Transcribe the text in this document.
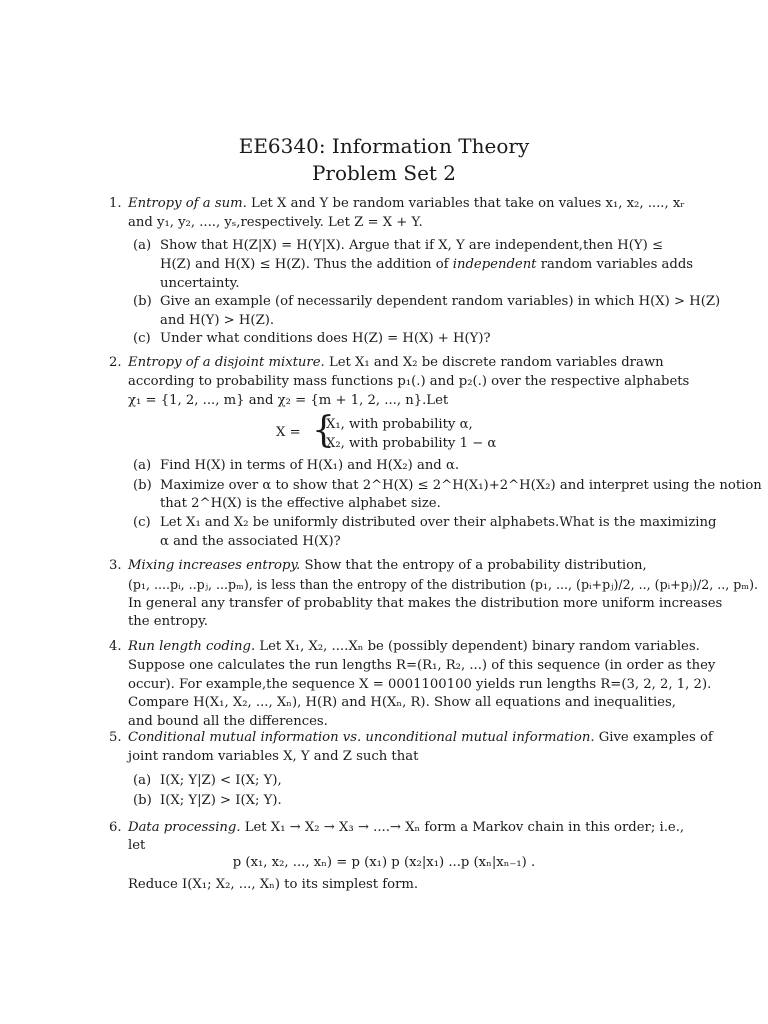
EE6340: Information Theory
Problem Set 2
1. Entropy of a sum. Let X and Y be random variables that take on values x₁, x₂, ...., xᵣ
and y₁, y₂, ...., yₛ,respectively. Let Z = X + Y.
(a) Show that H(Z|X) = H(Y|X). Argue that if X, Y are independent,then H(Y) ≤
H(Z) and H(X) ≤ H(Z). Thus the addition of independent random variables adds
uncertainty.
(b) Give an example (of necessarily dependent random variables) in which H(X) > H(Z)
and H(Y) > H(Z).
(c) Under what conditions does H(Z) = H(X) + H(Y)?
2. Entropy of a disjoint mixture. Let X₁ and X₂ be discrete random variables drawn
according to probability mass functions p₁(.) and p₂(.) over the respective alphabets
χ₁ = {1, 2, ..., m} and χ₂ = {m + 1, 2, ..., n}.Let
X = {
X₁, with probability α,
X₂, with probability 1 − α
(a) Find H(X) in terms of H(X₁) and H(X₂) and α.
(b) Maximize over α to show that 2^H(X) ≤ 2^H(X₁)+2^H(X₂) and interpret using the notion
that 2^H(X) is the effective alphabet size.
(c) Let X₁ and X₂ be uniformly distributed over their alphabets.What is the maximizing
α and the associated H(X)?
3. Mixing increases entropy. Show that the entropy of a probability distribution,
(p₁, ....pᵢ, ..pⱼ, ...pₘ), is less than the entropy of the distribution (p₁, ..., (pᵢ+pⱼ)/2, .., (pᵢ+pⱼ)/2, .., pₘ).
In general any transfer of probablity that makes the distribution more uniform increases
the entropy.
4. Run length coding. Let X₁, X₂, ....Xₙ be (possibly dependent) binary random variables.
Suppose one calculates the run lengths R=(R₁, R₂, ...) of this sequence (in order as they
occur). For example,the sequence X = 0001100100 yields run lengths R=(3, 2, 2, 1, 2).
Compare H(X₁, X₂, ..., Xₙ), H(R) and H(Xₙ, R). Show all equations and inequalities,
and bound all the differences.
5. Conditional mutual information vs. unconditional mutual information. Give examples of
joint random variables X, Y and Z such that
(a) I(X; Y|Z) < I(X; Y),
(b) I(X; Y|Z) > I(X; Y).
6. Data processing. Let X₁ → X₂ → X₃ → ....→ Xₙ form a Markov chain in this order; i.e.,
let
p (x₁, x₂, ..., xₙ) = p (x₁) p (x₂|x₁) ...p (xₙ|xₙ₋₁) .
Reduce I(X₁; X₂, ..., Xₙ) to its simplest form.
